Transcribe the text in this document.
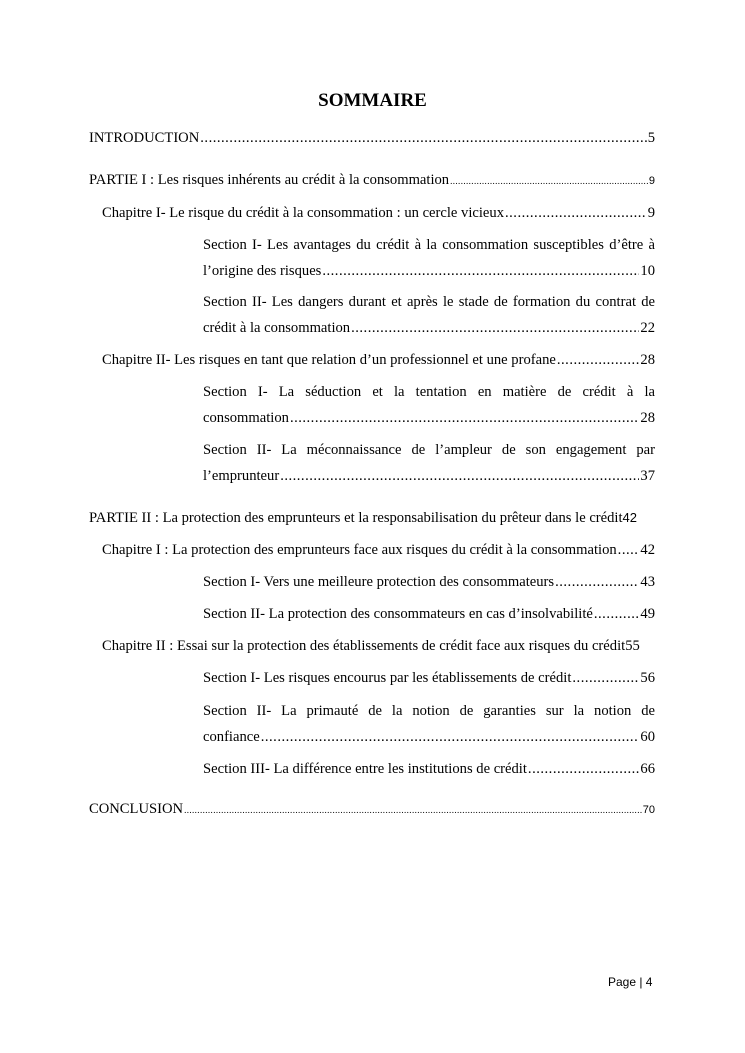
SOMMAIRE
INTRODUCTION .....	5
PARTIE I : Les risques inhérents au crédit à la consommation .....	9
Chapitre I- Le risque du crédit à la consommation : un cercle vicieux .....	9
Section I- Les avantages du crédit à la consommation susceptibles d’être à
l’origine des risques .....	10
Section II- Les dangers durant et après le stade de formation du contrat de
crédit à la consommation .....	22
Chapitre II- Les risques en tant que relation d’un professionnel et une profane .....	28
Section I- La séduction et la tentation en matière de crédit à la
consommation .....	28
Section II- La méconnaissance de l’ampleur de son engagement par
l’emprunteur .....	37
PARTIE II : La protection des emprunteurs et la responsabilisation du prêteur dans le crédit 42
Chapitre I : La protection des emprunteurs face aux risques du crédit à la consommation ..... 42
Section I- Vers une meilleure protection des consommateurs .....	43
Section II- La protection des consommateurs en cas d’insolvabilité .....	49
Chapitre II : Essai sur la protection des établissements de crédit face aux risques du crédit 55
Section I- Les risques encourus par les établissements de crédit .....	56
Section II- La primauté de la notion de garanties sur la notion de
confiance .....	60
Section III- La différence entre les institutions de crédit .....	66
CONCLUSION .....	70
Page | 4
